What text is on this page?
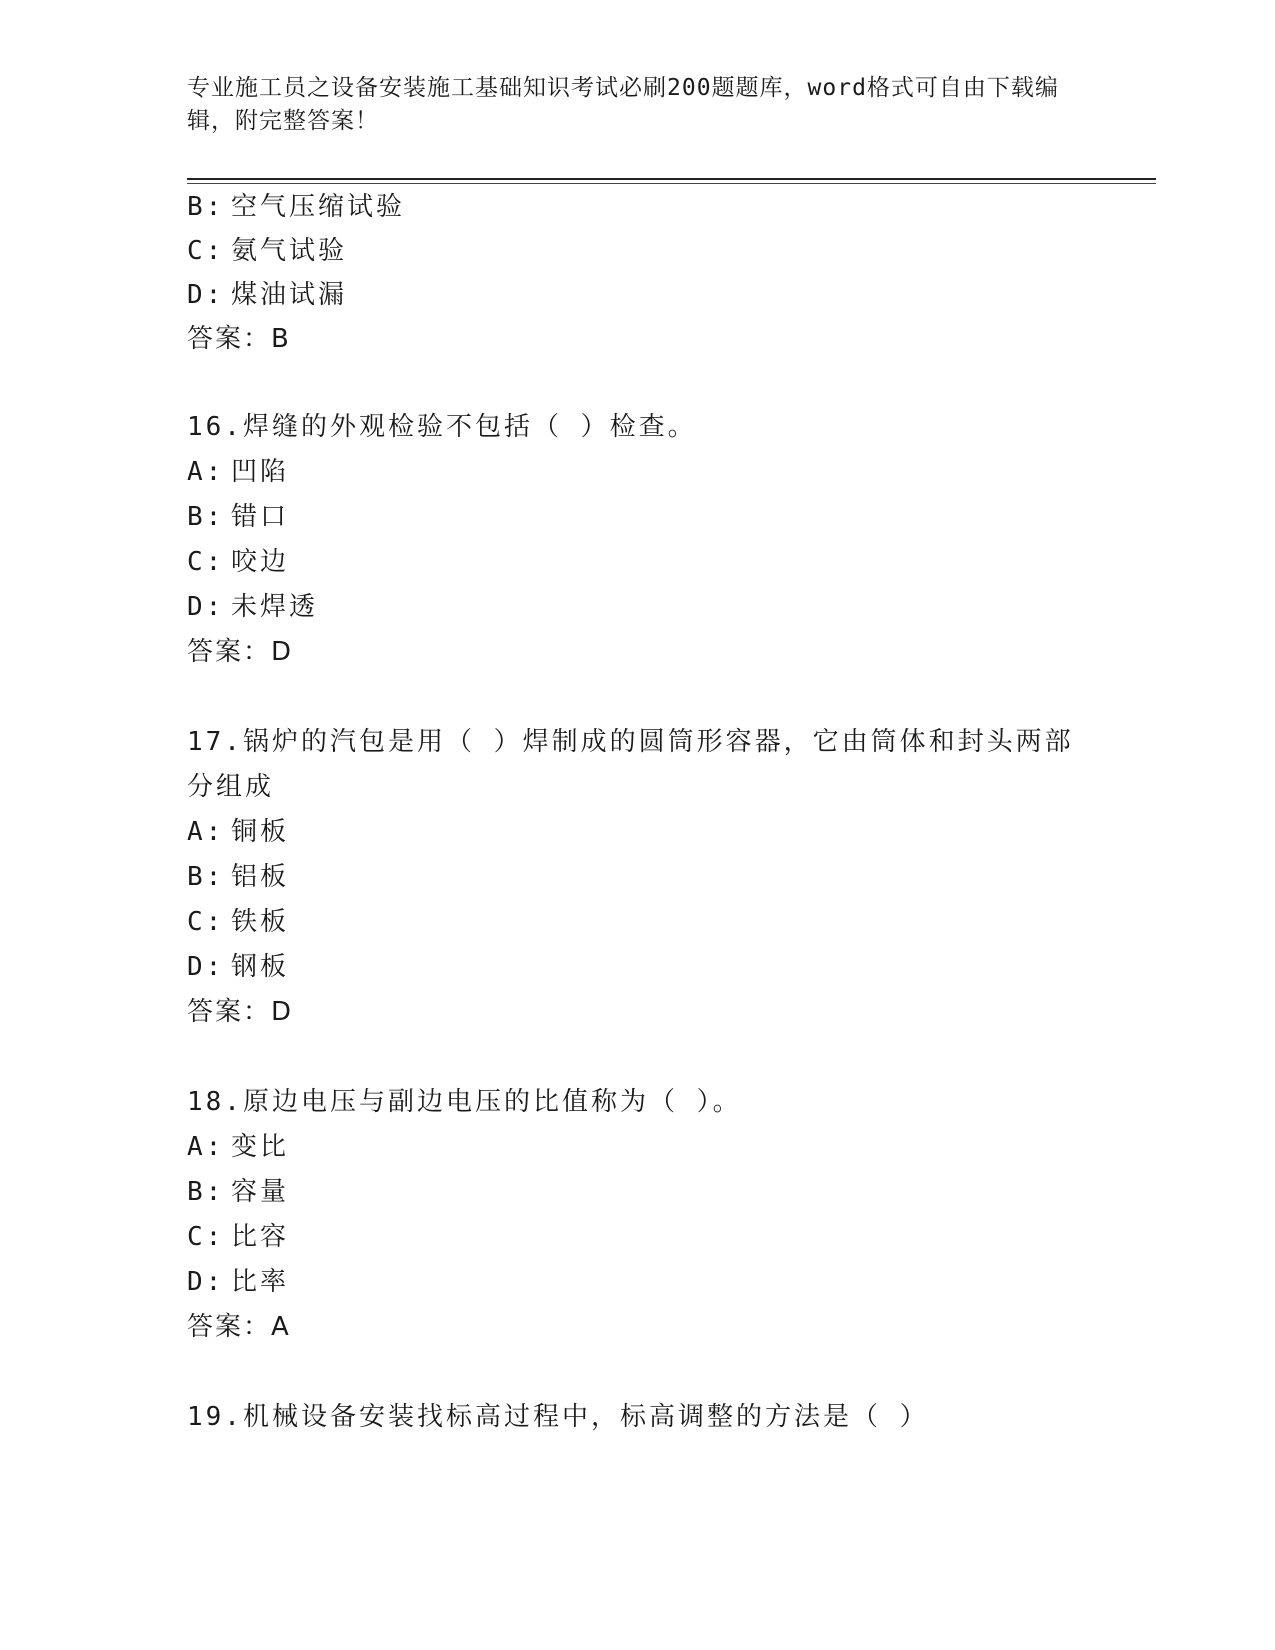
专业施工员之设备安装施工基础知识考试必刷200题题库，word格式可自由下载编辑，附完整答案！
B: 空气压缩试验
C: 氨气试验
D: 煤油试漏
答案：B
16.焊缝的外观检验不包括（ ）检查。
A: 凹陷
B: 错口
C: 咬边
D: 未焊透
答案：D
17.锅炉的汽包是用（ ）焊制成的圆筒形容器，它由筒体和封头两部
分组成
A: 铜板
B: 铝板
C: 铁板
D: 钢板
答案：D
18.原边电压与副边电压的比值称为（ ）。
A: 变比
B: 容量
C: 比容
D: 比率
答案：A
19.机械设备安装找标高过程中，标高调整的方法是（ ）
